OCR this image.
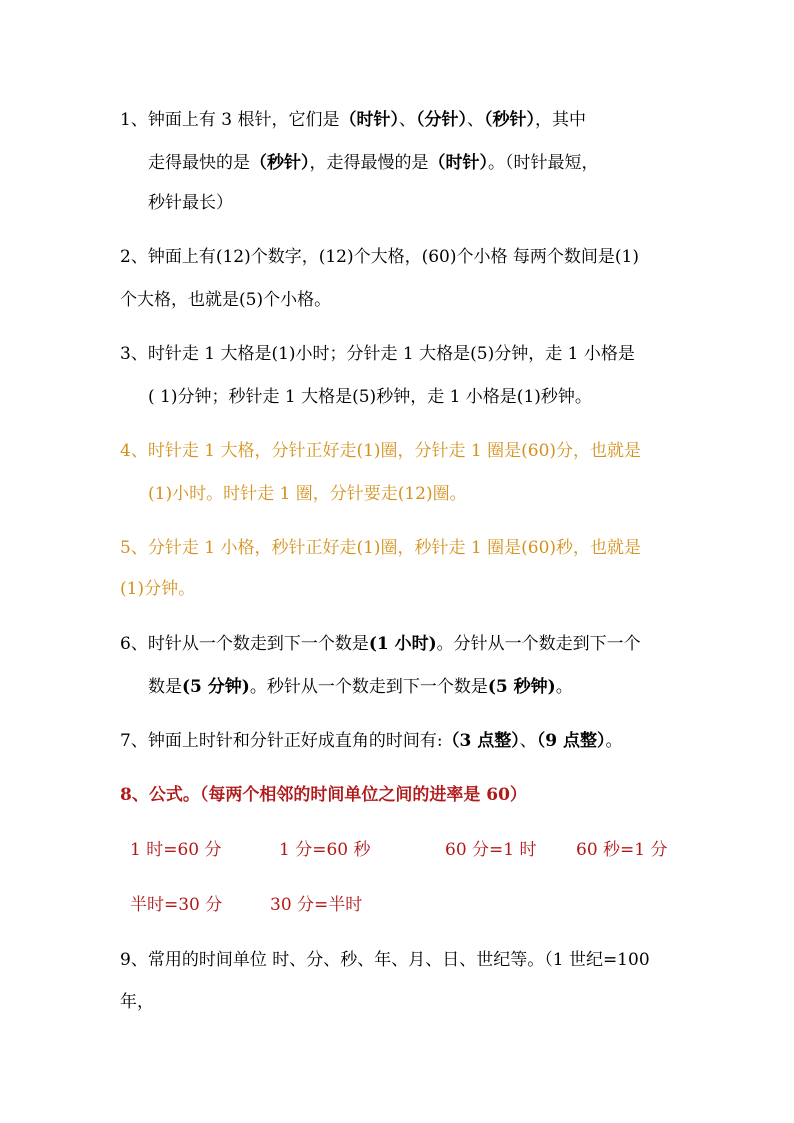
1、钟面上有 3 根针，它们是（时针）、（分针）、（秒针），其中
走得最快的是（秒针），走得最慢的是（时针）。（时针最短，
秒针最长）
2、钟面上有(12)个数字，(12)个大格，(60)个小格 每两个数间是(1)
个大格，也就是(5)个小格。
3、时针走 1 大格是(1)小时；分针走 1 大格是(5)分钟，走 1 小格是
( 1)分钟；秒针走 1 大格是(5)秒钟，走 1 小格是(1)秒钟。
4、时针走 1 大格，分针正好走(1)圈，分针走 1 圈是(60)分，也就是
(1)小时。时针走 1 圈，分针要走(12)圈。
5、分针走 1 小格，秒针正好走(1)圈，秒针走 1 圈是(60)秒，也就是
(1)分钟。
6、时针从一个数走到下一个数是(1 小时)。分针从一个数走到下一个
数是(5 分钟)。秒针从一个数走到下一个数是(5 秒钟)。
7、钟面上时针和分针正好成直角的时间有:（3 点整）、（9 点整）。
8、公式。（每两个相邻的时间单位之间的进率是 60）
1 时=60 分	1 分=60 秒	60 分=1 时 60 秒=1 分
半时=30 分	30 分=半时
9、常用的时间单位 时、分、秒、年、月、日、世纪等。（1 世纪=100
年，
